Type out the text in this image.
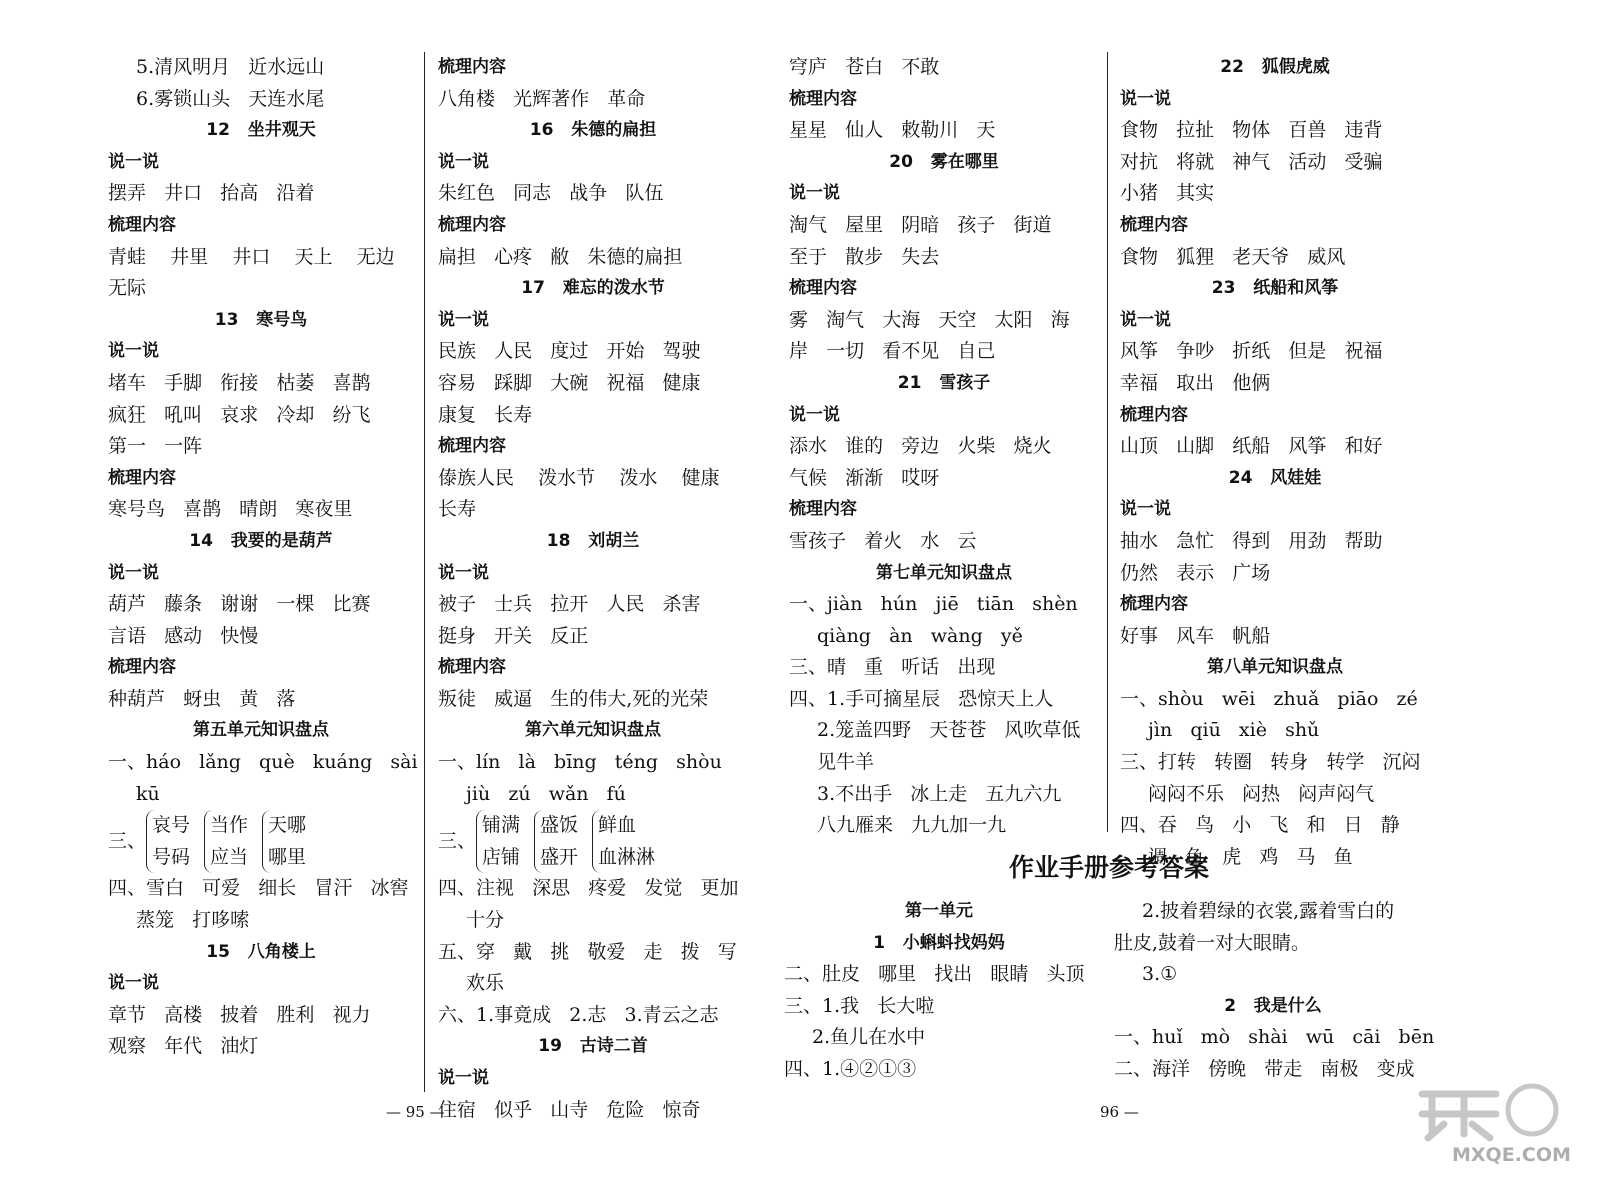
5.清风明月   近水远山
6.雾锁山头   天连水尾
12   坐井观天
说一说
摆弄   井口   抬高   沿着
梳理内容
青蛙    井里    井口    天上    无边
无际
13   寒号鸟
说一说
堵车   手脚   衔接   枯萎   喜鹊
疯狂   吼叫   哀求   冷却   纷飞
第一   一阵
梳理内容
寒号鸟   喜鹊   晴朗   寒夜里
14   我要的是葫芦
说一说
葫芦   藤条   谢谢   一棵   比赛
言语   感动   快慢
梳理内容
种葫芦   蚜虫   黄   落
第五单元知识盘点
一、háo   lǎng   què   kuáng   sài
kū
三、
哀号
号码
当作
应当
天哪
哪里
四、雪白   可爱   细长   冒汗   冰窖
蒸笼   打哆嗦
15   八角楼上
说一说
章节   高楼   披着   胜利   视力
观察   年代   油灯
梳理内容
八角楼   光辉著作   革命
16   朱德的扁担
说一说
朱红色   同志   战争   队伍
梳理内容
扁担   心疼   敝   朱德的扁担
17   难忘的泼水节
说一说
民族   人民   度过   开始   驾驶
容易   踩脚   大碗   祝福   健康
康复   长寿
梳理内容
傣族人民    泼水节    泼水    健康
长寿
18   刘胡兰
说一说
被子   士兵   拉开   人民   杀害
挺身   开关   反正
梳理内容
叛徒   威逼   生的伟大,死的光荣
第六单元知识盘点
一、lín   là   bīng   téng   shòu
jiù   zú   wǎn   fú
三、
铺满
店铺
盛饭
盛开
鲜血
血淋淋
四、注视   深思   疼爱   发觉   更加
十分
五、穿   戴   挑   敬爱   走   拨   写
欢乐
六、1.事竟成   2.志   3.青云之志
19   古诗二首
说一说
住宿   似乎   山寺   危险   惊奇
穹庐   苍白   不敢
梳理内容
星星   仙人   敕勒川   天
20   雾在哪里
说一说
淘气   屋里   阴暗   孩子   街道
至于   散步   失去
梳理内容
雾   淘气   大海   天空   太阳   海
岸   一切   看不见   自己
21   雪孩子
说一说
添水   谁的   旁边   火柴   烧火
气候   渐渐   哎呀
梳理内容
雪孩子   着火   水   云
第七单元知识盘点
一、jiàn   hún   jiē   tiān   shèn
qiàng   àn   wàng   yě
三、晴   重   听话   出现
四、1.手可摘星辰   恐惊天上人
2.笼盖四野   天苍苍   风吹草低
见牛羊
3.不出手   冰上走   五九六九
八九雁来   九九加一九
22   狐假虎威
说一说
食物   拉扯   物体   百兽   违背
对抗   将就   神气   活动   受骗
小猪   其实
梳理内容
食物   狐狸   老天爷   威风
23   纸船和风筝
说一说
风筝   争吵   折纸   但是   祝福
幸福   取出   他俩
梳理内容
山顶   山脚   纸船   风筝   和好
24   风娃娃
说一说
抽水   急忙   得到   用劲   帮助
仍然   表示   广场
梳理内容
好事   风车   帆船
第八单元知识盘点
一、shòu   wēi   zhuǎ   piāo   zé
jìn   qiū   xiè   shǔ
三、打转   转圈   转身   转学   沉闷
闷闷不乐   闷热   闷声闷气
四、吞   鸟   小   飞   和   日   静
调   鱼   虎   鸡   马   鱼
作业手册参考答案
第一单元
1   小蝌蚪找妈妈
二、肚皮   哪里   找出   眼睛   头顶
三、1.我   长大啦
2.鱼儿在水中
四、1.④②①③
2.披着碧绿的衣裳,露着雪白的
肚皮,鼓着一对大眼睛。
3.①
2   我是什么
一、huǐ   mò   shài   wū   cāi   bēn
二、海洋   傍晚   带走   南极   变成
— 95 —	96 —
MXQE.COM
